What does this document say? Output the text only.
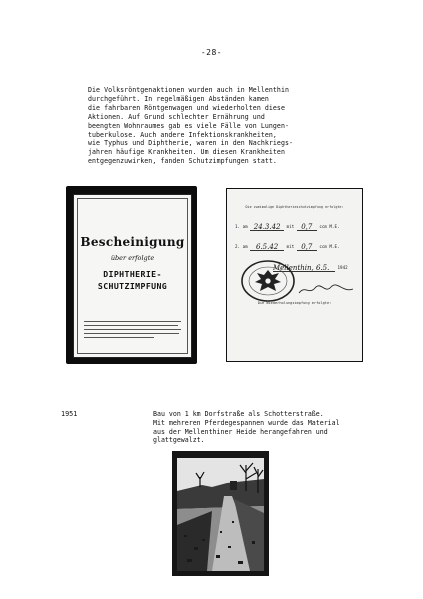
-28-
Die Volksröntgenaktionen wurden auch in Mellenthin
durchgeführt. In regelmäßigen Abständen kamen
die fahrbaren Röntgenwagen und wiederholten diese
Aktionen. Auf Grund schlechter Ernährung und
beengten Wohnraumes gab es viele Fälle von Lungen-
tuberkulose. Auch andere Infektionskrankheiten,
wie Typhus und Diphtherie, waren in den Nachkriegs-
jahren häufige Krankheiten. Um diesen Krankheiten
entgegenzuwirken, fanden Schutzimpfungen statt.
Bescheinigung
über erfolgte
DIPHTHERIE-
SCHUTZIMPFUNG
Die zweimalige Diphtherieschutzimpfung erfolgte:
1. am 24.3.42 mit 0,7 ccm M.E.
2. am 6.5.42 mit 0,7 ccm M.E.
Mellenthin, 6.5. 1942
Die Wiederholungsimpfung erfolgte:
1951	Bau von 1 km Dorfstraße als Schotterstraße.
Mit mehreren Pferdegespannen wurde das Material
aus der Mellenthiner Heide herangefahren und
glattgewalzt.
